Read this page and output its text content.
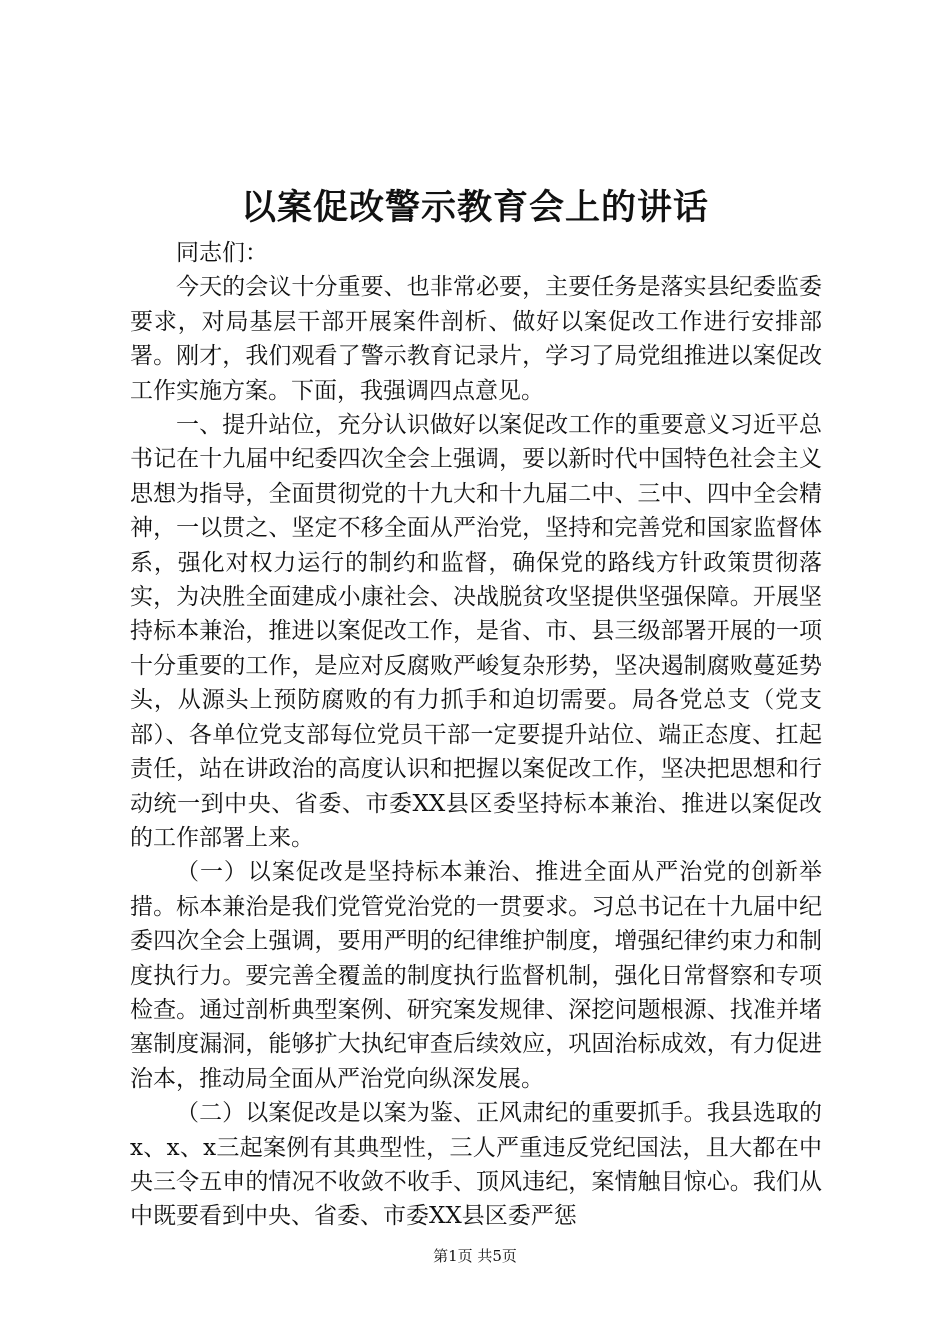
以案促改警示教育会上的讲话

同志们：

今天的会议十分重要、也非常必要，主要任务是落实县纪委监委要求，对局基层干部开展案件剖析、做好以案促改工作进行安排部署。刚才，我们观看了警示教育记录片，学习了局党组推进以案促改工作实施方案。下面，我强调四点意见。

一、提升站位，充分认识做好以案促改工作的重要意义习近平总书记在十九届中纪委四次全会上强调，要以新时代中国特色社会主义思想为指导，全面贯彻党的十九大和十九届二中、三中、四中全会精神，一以贯之、坚定不移全面从严治党，坚持和完善党和国家监督体系，强化对权力运行的制约和监督，确保党的路线方针政策贯彻落实，为决胜全面建成小康社会、决战脱贫攻坚提供坚强保障。开展坚持标本兼治，推进以案促改工作，是省、市、县三级部署开展的一项十分重要的工作，是应对反腐败严峻复杂形势，坚决遏制腐败蔓延势头，从源头上预防腐败的有力抓手和迫切需要。局各党总支（党支部）、各单位党支部每位党员干部一定要提升站位、端正态度、扛起责任，站在讲政治的高度认识和把握以案促改工作，坚决把思想和行动统一到中央、省委、市委XX县区委坚持标本兼治、推进以案促改的工作部署上来。

（一）以案促改是坚持标本兼治、推进全面从严治党的创新举措。标本兼治是我们党管党治党的一贯要求。习总书记在十九届中纪委四次全会上强调，要用严明的纪律维护制度，增强纪律约束力和制度执行力。要完善全覆盖的制度执行监督机制，强化日常督察和专项检查。通过剖析典型案例、研究案发规律、深挖问题根源、找准并堵塞制度漏洞，能够扩大执纪审查后续效应，巩固治标成效，有力促进治本，推动局全面从严治党向纵深发展。

（二）以案促改是以案为鉴、正风肃纪的重要抓手。我县选取的x、x、x三起案例有其典型性，三人严重违反党纪国法，且大都在中央三令五申的情况不收敛不收手、顶风违纪，案情触目惊心。我们从中既要看到中央、省委、市委XX县区委严惩

第1页 共5页
